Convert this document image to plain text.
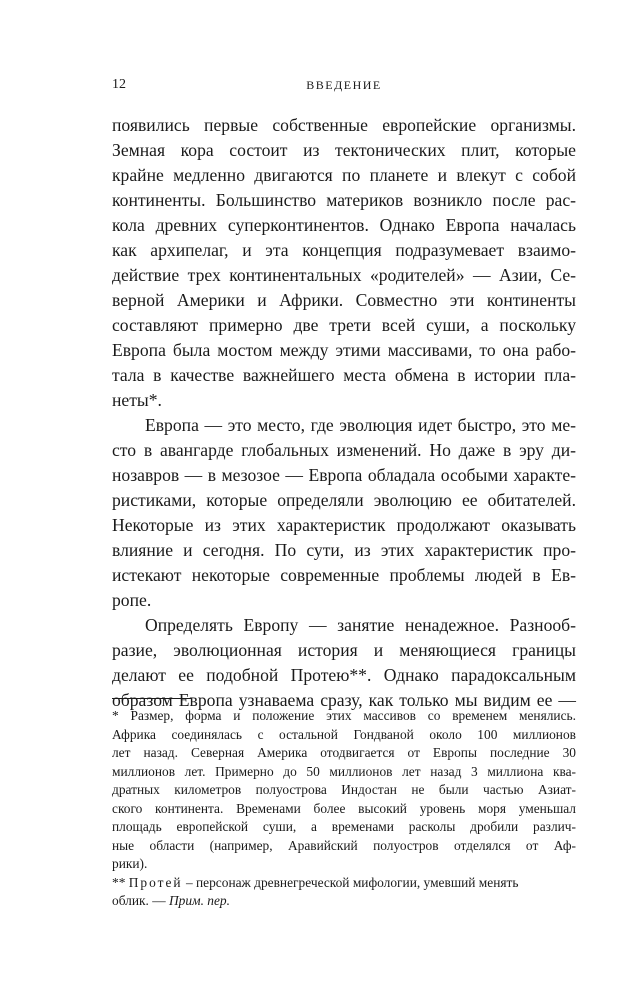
12	ВВЕДЕНИЕ
появились первые собственные европейские организмы.
Земная кора состоит из тектонических плит, которые
крайне медленно двигаются по планете и влекут с собой
континенты. Большинство материков возникло после рас-
кола древних суперконтинентов. Однако Европа началась
как архипелаг, и эта концепция подразумевает взаимо-
действие трех континентальных «родителей» — Азии, Се-
верной Америки и Африки. Совместно эти континенты
составляют примерно две трети всей суши, а поскольку
Европа была мостом между этими массивами, то она рабо-
тала в качестве важнейшего места обмена в истории пла-
неты*.
Европа — это место, где эволюция идет быстро, это ме-
сто в авангарде глобальных изменений. Но даже в эру ди-
нозавров — в мезозое — Европа обладала особыми характе-
ристиками, которые определяли эволюцию ее обитателей.
Некоторые из этих характеристик продолжают оказывать
влияние и сегодня. По сути, из этих характеристик про-
истекают некоторые современные проблемы людей в Ев-
ропе.
Определять Европу — занятие ненадежное. Разнооб-
разие, эволюционная история и меняющиеся границы
делают ее подобной Протею**. Однако парадоксальным
образом Европа узнаваема сразу, как только мы видим ее —
* Размер, форма и положение этих массивов со временем менялись.
Африка соединялась с остальной Гондваной около 100 миллионов
лет назад. Северная Америка отодвигается от Европы последние 30
миллионов лет. Примерно до 50 миллионов лет назад 3 миллиона ква-
дратных километров полуострова Индостан не были частью Азиат-
ского континента. Временами более высокий уровень моря уменьшал
площадь европейской суши, а временами расколы дробили различ-
ные области (например, Аравийский полуостров отделялся от Аф-
рики).
** Протей – персонаж древнегреческой мифологии, умевший менять
облик. — Прим. пер.
